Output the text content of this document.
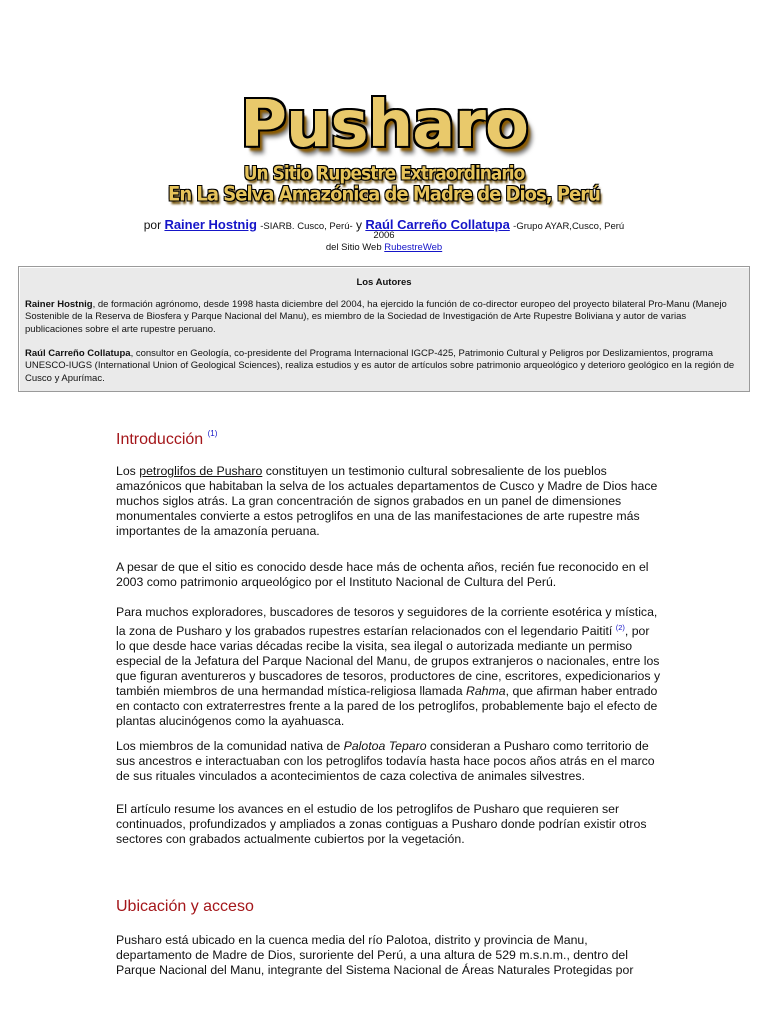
Pusharo
Un Sitio Rupestre Extraordinario
En La Selva Amazónica de Madre de Dios, Perú
por Rainer Hostnig -SIARB. Cusco, Perú- y Raúl Carreño Collatupa -Grupo AYAR,Cusco, Perú
2006
del Sitio Web RubestreWeb
Los Autores
Rainer Hostnig, de formación agrónomo, desde 1998 hasta diciembre del 2004, ha ejercido la función de co-director europeo del proyecto bilateral Pro-Manu (Manejo Sostenible de la Reserva de Biosfera y Parque Nacional del Manu), es miembro de la Sociedad de Investigación de Arte Rupestre Boliviana y autor de varias publicaciones sobre el arte rupestre peruano.
Raúl Carreño Collatupa, consultor en Geología, co-presidente del Programa Internacional IGCP-425, Patrimonio Cultural y Peligros por Deslizamientos, programa UNESCO-IUGS (International Union of Geological Sciences), realiza estudios y es autor de artículos sobre patrimonio arqueológico y deterioro geológico en la región de Cusco y Apurímac.
Introducción $^{(1)}$
Los petroglifos de Pusharo constituyen un testimonio cultural sobresaliente de los pueblos amazónicos que habitaban la selva de los actuales departamentos de Cusco y Madre de Dios hace muchos siglos atrás. La gran concentración de signos grabados en un panel de dimensiones monumentales convierte a estos petroglifos en una de las manifestaciones de arte rupestre más importantes de la amazonía peruana.
A pesar de que el sitio es conocido desde hace más de ochenta años, recién fue reconocido en el 2003 como patrimonio arqueológico por el Instituto Nacional de Cultura del Perú.
Para muchos exploradores, buscadores de tesoros y seguidores de la corriente esotérica y mística, la zona de Pusharo y los grabados rupestres estarían relacionados con el legendario Paitití $^{(2)}$, por lo que desde hace varias décadas recibe la visita, sea ilegal o autorizada mediante un permiso especial de la Jefatura del Parque Nacional del Manu, de grupos extranjeros o nacionales, entre los que figuran aventureros y buscadores de tesoros, productores de cine, escritores, expedicionarios y también miembros de una hermandad mística-religiosa llamada Rahma, que afirman haber entrado en contacto con extraterrestres frente a la pared de los petroglifos, probablemente bajo el efecto de plantas alucinógenos como la ayahuasca.
Los miembros de la comunidad nativa de Palotoa Teparo consideran a Pusharo como territorio de sus ancestros e interactuaban con los petroglifos todavía hasta hace pocos años atrás en el marco de sus rituales vinculados a acontecimientos de caza colectiva de animales silvestres.
El artículo resume los avances en el estudio de los petroglifos de Pusharo que requieren ser continuados, profundizados y ampliados a zonas contiguas a Pusharo donde podrían existir otros sectores con grabados actualmente cubiertos por la vegetación.
Ubicación y acceso
Pusharo está ubicado en la cuenca media del río Palotoa, distrito y provincia de Manu, departamento de Madre de Dios, suroriente del Perú, a una altura de 529 m.s.n.m., dentro del Parque Nacional del Manu, integrante del Sistema Nacional de Áreas Naturales Protegidas por
